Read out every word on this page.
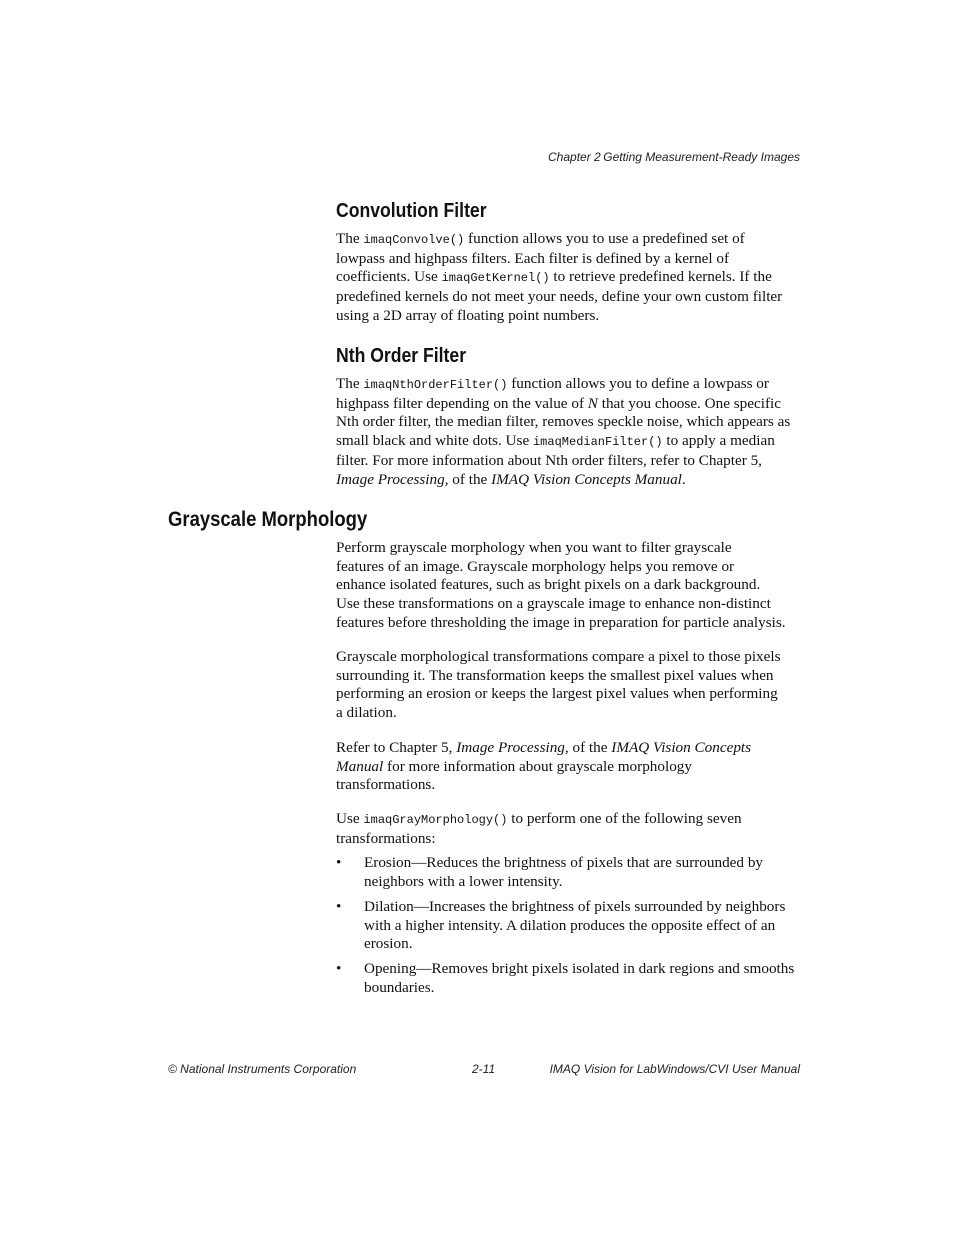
Chapter 2 Getting Measurement-Ready Images
Convolution Filter
The imaqConvolve() function allows you to use a predefined set of
lowpass and highpass filters. Each filter is defined by a kernel of
coefficients. Use imaqGetKernel() to retrieve predefined kernels. If the
predefined kernels do not meet your needs, define your own custom filter
using a 2D array of floating point numbers.
Nth Order Filter
The imaqNthOrderFilter() function allows you to define a lowpass or
highpass filter depending on the value of N that you choose. One specific
Nth order filter, the median filter, removes speckle noise, which appears as
small black and white dots. Use imaqMedianFilter() to apply a median
filter. For more information about Nth order filters, refer to Chapter 5,
Image Processing, of the IMAQ Vision Concepts Manual.
Grayscale Morphology
Perform grayscale morphology when you want to filter grayscale
features of an image. Grayscale morphology helps you remove or
enhance isolated features, such as bright pixels on a dark background.
Use these transformations on a grayscale image to enhance non-distinct
features before thresholding the image in preparation for particle analysis.
Grayscale morphological transformations compare a pixel to those pixels
surrounding it. The transformation keeps the smallest pixel values when
performing an erosion or keeps the largest pixel values when performing
a dilation.
Refer to Chapter 5, Image Processing, of the IMAQ Vision Concepts
Manual for more information about grayscale morphology
transformations.
Use imaqGrayMorphology() to perform one of the following seven
transformations:
• Erosion—Reduces the brightness of pixels that are surrounded by
neighbors with a lower intensity.
• Dilation—Increases the brightness of pixels surrounded by neighbors
with a higher intensity. A dilation produces the opposite effect of an
erosion.
• Opening—Removes bright pixels isolated in dark regions and smooths
boundaries.
© National Instruments Corporation	2-11	IMAQ Vision for LabWindows/CVI User Manual
